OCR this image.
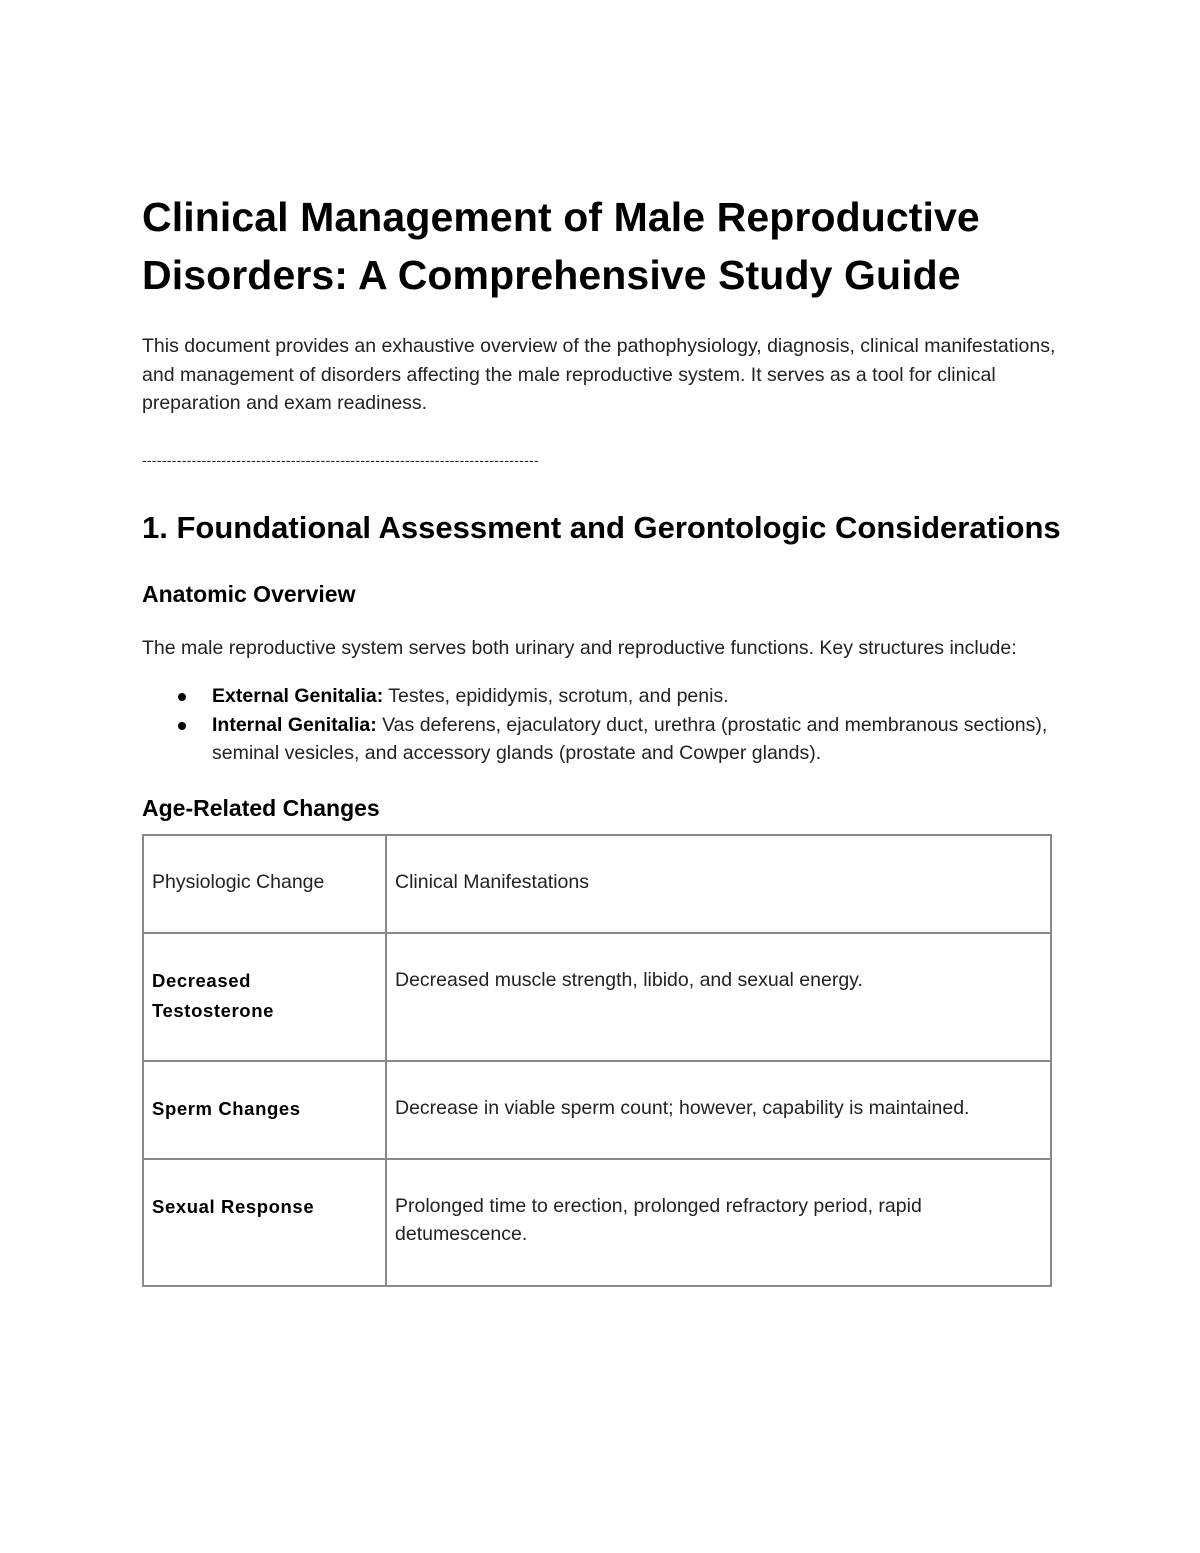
Clinical Management of Male Reproductive Disorders: A Comprehensive Study Guide

This document provides an exhaustive overview of the pathophysiology, diagnosis, clinical manifestations, and management of disorders affecting the male reproductive system. It serves as a tool for clinical preparation and exam readiness.

--------------------------------------------------------------------------------
1. Foundational Assessment and Gerontologic Considerations
Anatomic Overview

The male reproductive system serves both urinary and reproductive functions. Key structures include:

External Genitalia: Testes, epididymis, scrotum, and penis.
Internal Genitalia: Vas deferens, ejaculatory duct, urethra (prostatic and membranous sections), seminal vesicles, and accessory glands (prostate and Cowper glands).
Age-Related Changes
Physiologic Change	Clinical Manifestations
Decreased Testosterone	Decreased muscle strength, libido, and sexual energy.
Sperm Changes	Decrease in viable sperm count; however, capability is maintained.
Sexual Response	Prolonged time to erection, prolonged refractory period, rapid detumescence.
